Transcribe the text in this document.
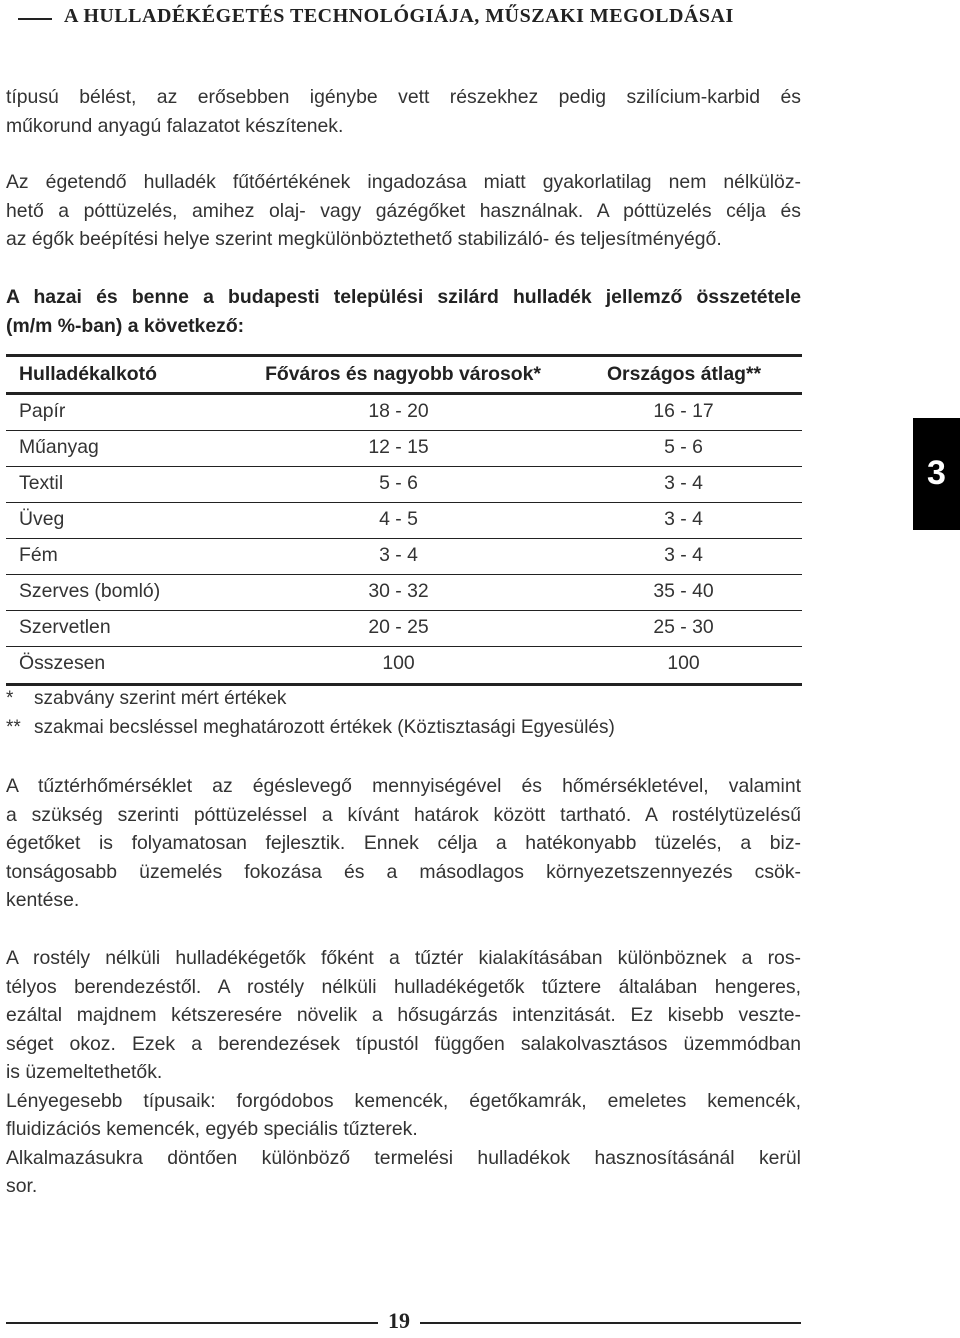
A HULLADÉKÉGETÉS TECHNOLÓGIÁJA, MŰSZAKI MEGOLDÁSAI

típusú bélést, az erősebben igénybe vett részekhez pedig szilícium-karbid és
műkorund anyagú falazatot készítenek.

Az égetendő hulladék fűtőértékének ingadozása miatt gyakorlatilag nem nélkülöz-
hető a póttüzelés, amihez olaj- vagy gázégőket használnak. A póttüzelés célja és
az égők beépítési helye szerint megkülönböztethető stabilizáló- és teljesítményégő.

A hazai és benne a budapesti települési szilárd hulladék jellemző összetétele
(m/m %-ban) a következő:

Hulladékalkotó	Főváros és nagyobb városok*	Országos átlag**
Papír	18 - 20	16 - 17
Műanyag	12 - 15	5 - 6
Textil	5 - 6	3 - 4
Üveg	4 - 5	3 - 4
Fém	3 - 4	3 - 4
Szerves (bomló)	30 - 32	35 - 40
Szervetlen	20 - 25	25 - 30
Összesen	100	100
* szabvány szerint mért értékek
** szakmai becsléssel meghatározott értékek (Köztisztasági Egyesülés)

A tűztérhőmérséklet az égéslevegő mennyiségével és hőmérsékletével, valamint
a szükség szerinti póttüzeléssel a kívánt határok között tartható. A rostélytüzelésű
égetőket is folyamatosan fejlesztik. Ennek célja a hatékonyabb tüzelés, a biz-
tonságosabb üzemelés fokozása és a másodlagos környezetszennyezés csök-
kentése.

A rostély nélküli hulladékégetők főként a tűztér kialakításában különböznek a ros-
télyos berendezéstől. A rostély nélküli hulladékégetők tűztere általában hengeres,
ezáltal majdnem kétszeresére növelik a hősugárzás intenzitását. Ez kisebb veszte-
séget okoz. Ezek a berendezések típustól függően salakolvasztásos üzemmódban
is üzemeltethetők.
Lényegesebb típusaik: forgódobos kemencék, égetőkamrák, emeletes kemencék,
fluidizációs kemencék, egyéb speciális tűzterek.
Alkalmazásukra döntően különböző termelési hulladékok hasznosításánál kerül
sor.

3
19
